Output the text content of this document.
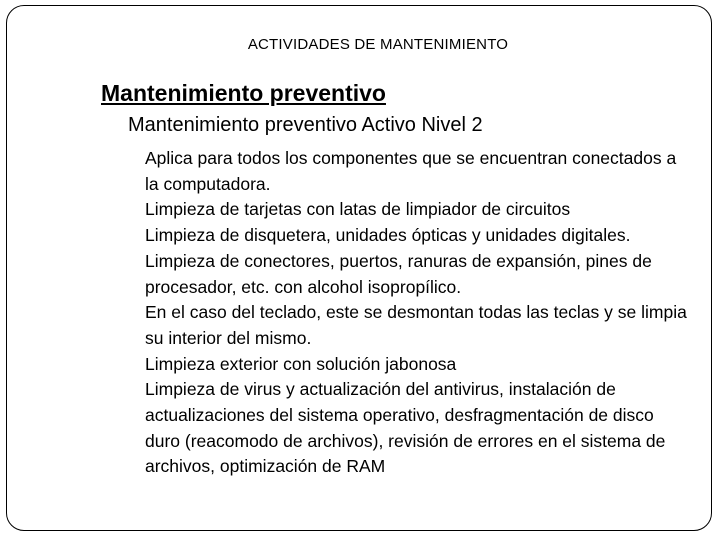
ACTIVIDADES DE MANTENIMIENTO
Mantenimiento preventivo
Mantenimiento preventivo Activo Nivel 2
Aplica para todos los componentes que se encuentran conectados a la computadora.
Limpieza de tarjetas con latas de limpiador de circuitos
Limpieza de disquetera, unidades ópticas y unidades digitales.
Limpieza de conectores, puertos, ranuras de expansión, pines de procesador, etc. con alcohol isopropílico.
En el caso del teclado, este se desmontan todas las teclas y se limpia su interior del mismo.
Limpieza exterior con solución jabonosa
Limpieza de virus y actualización del antivirus, instalación de actualizaciones del sistema operativo, desfragmentación de disco duro (reacomodo de archivos), revisión de errores en el sistema de archivos, optimización de RAM
